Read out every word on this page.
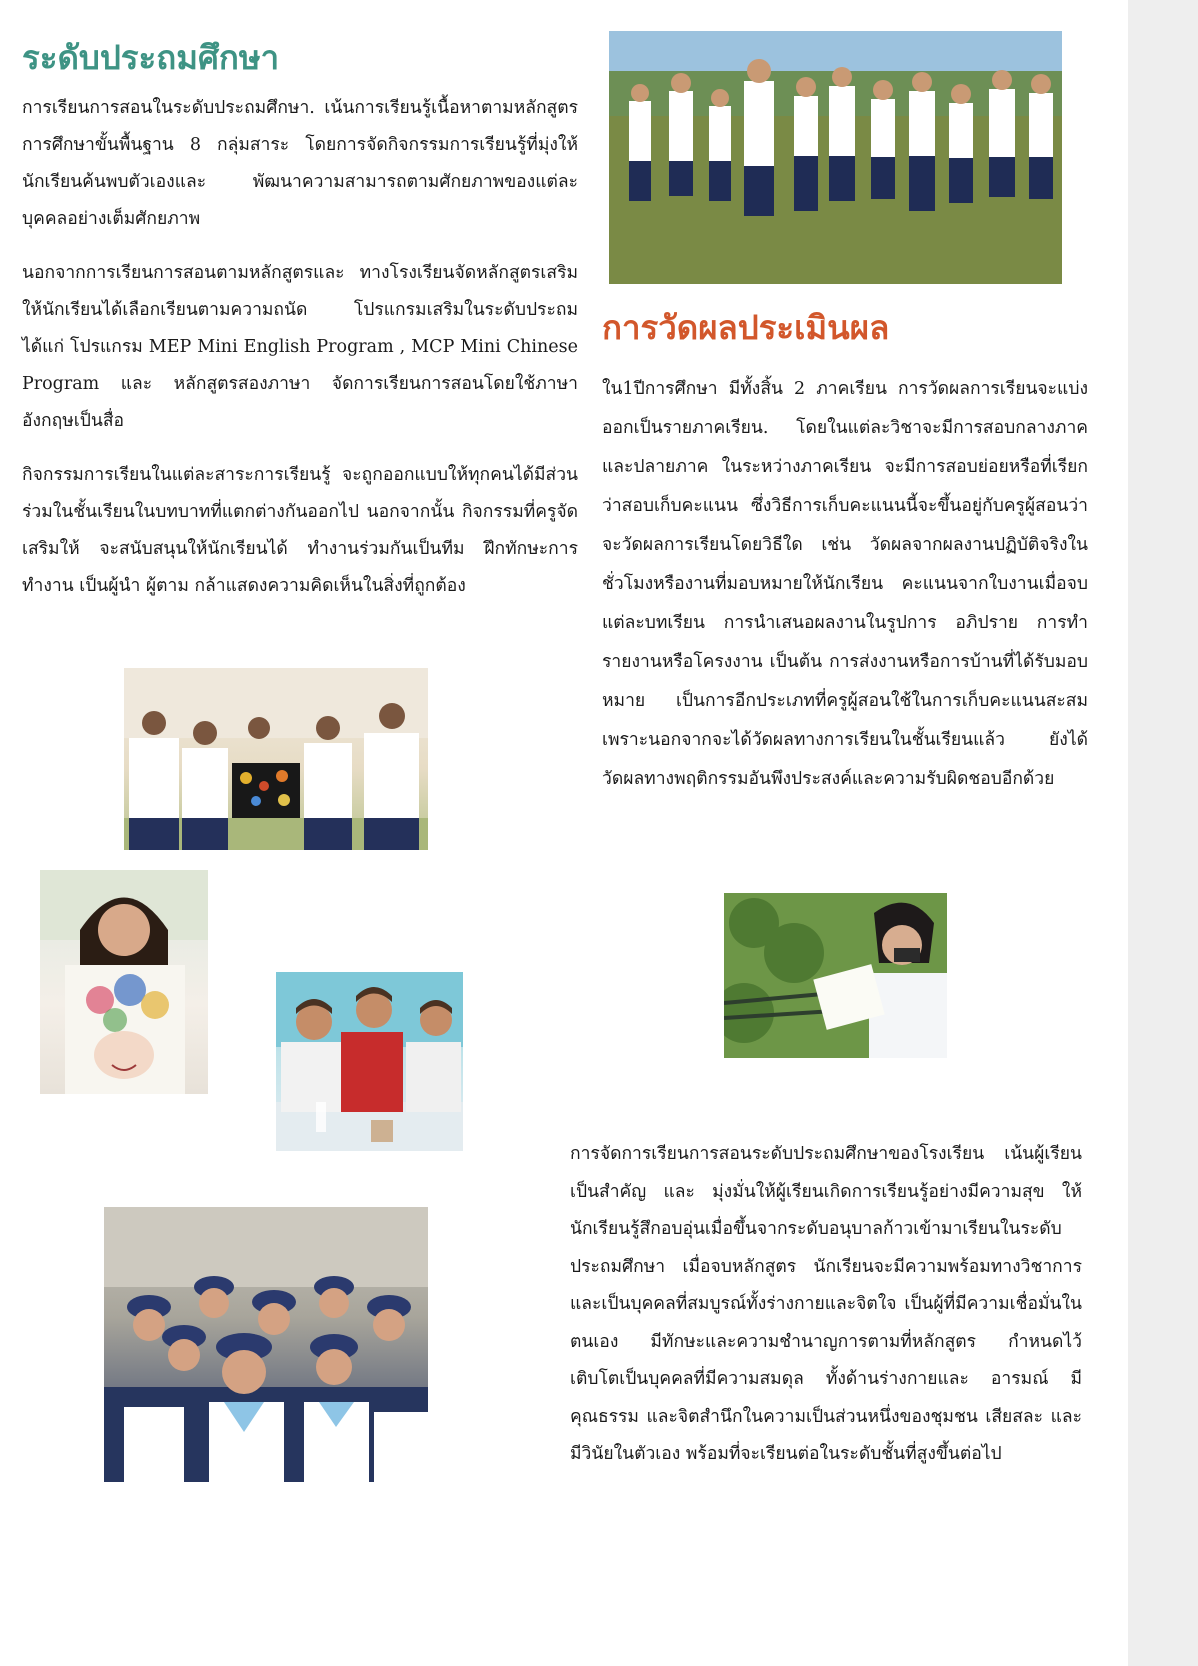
ระดับประถมศึกษา

การเรียนการสอนในระดับประถมศึกษา. เน้นการเรียนรู้เนื้อหาตามหลักสูตรการศึกษาขั้นพื้นฐาน 8 กลุ่มสาระ โดยการจัดกิจกรรมการเรียนรู้ที่มุ่งให้นักเรียนค้นพบตัวเองและ พัฒนาความสามารถตามศักยภาพของแต่ละบุคคลอย่างเต็มศักยภาพ

นอกจากการเรียนการสอนตามหลักสูตรและ ทางโรงเรียนจัดหลักสูตรเสริมให้นักเรียนได้เลือกเรียนตามความถนัด โปรแกรมเสริมในระดับประถมได้แก่ โปรแกรม MEP Mini English Program , MCP Mini Chinese Program และ หลักสูตรสองภาษา จัดการเรียนการสอนโดยใช้ภาษาอังกฤษเป็นสื่อ

กิจกรรมการเรียนในแต่ละสาระการเรียนรู้ จะถูกออกแบบให้ทุกคนได้มีส่วนร่วมในชั้นเรียนในบทบาทที่แตกต่างกันออกไป นอกจากนั้น กิจกรรมที่ครูจัดเสริมให้ จะสนับสนุนให้นักเรียนได้ ทำงานร่วมกันเป็นทีม ฝึกทักษะการทำงาน เป็นผู้นำ ผู้ตาม กล้าแสดงความคิดเห็นในสิ่งที่ถูกต้อง

การวัดผลประเมินผล

ใน1ปีการศึกษา มีทั้งสิ้น 2 ภาคเรียน การวัดผลการเรียนจะแบ่งออกเป็นรายภาคเรียน. โดยในแต่ละวิชาจะมีการสอบกลางภาคและปลายภาค ในระหว่างภาคเรียน จะมีการสอบย่อยหรือที่เรียกว่าสอบเก็บคะแนน ซึ่งวิธีการเก็บคะแนนนี้จะขึ้นอยู่กับครูผู้สอนว่าจะวัดผลการเรียนโดยวิธีใด เช่น วัดผลจากผลงานปฏิบัติจริงในชั่วโมงหรืองานที่มอบหมายให้นักเรียน คะแนนจากใบงานเมื่อจบแต่ละบทเรียน การนำเสนอผลงานในรูปการ อภิปราย การทำรายงานหรือโครงงาน เป็นต้น การส่งงานหรือการบ้านที่ได้รับมอบหมาย เป็นการอีกประเภทที่ครูผู้สอนใช้ในการเก็บคะแนนสะสมเพราะนอกจากจะได้วัดผลทางการเรียนในชั้นเรียนแล้ว ยังได้วัดผลทางพฤติกรรมอันพึงประสงค์และความรับผิดชอบอีกด้วย

การจัดการเรียนการสอนระดับประถมศึกษาของโรงเรียน เน้นผู้เรียนเป็นสำคัญ และ มุ่งมั่นให้ผู้เรียนเกิดการเรียนรู้อย่างมีความสุข ให้นักเรียนรู้สึกอบอุ่นเมื่อขึ้นจากระดับอนุบาลก้าวเข้ามาเรียนในระดับประถมศึกษา เมื่อจบหลักสูตร นักเรียนจะมีความพร้อมทางวิชาการ และเป็นบุคคลที่สมบูรณ์ทั้งร่างกายและจิตใจ เป็นผู้ที่มีความเชื่อมั่นในตนเอง มีทักษะและความชำนาญการตามที่หลักสูตร กำหนดไว้ เติบโตเป็นบุคคลที่มีความสมดุล ทั้งด้านร่างกายและ อารมณ์ มีคุณธรรม และจิตสำนึกในความเป็นส่วนหนึ่งของชุมชน เสียสละ และมีวินัยในตัวเอง พร้อมที่จะเรียนต่อในระดับชั้นที่สูงขึ้นต่อไป
